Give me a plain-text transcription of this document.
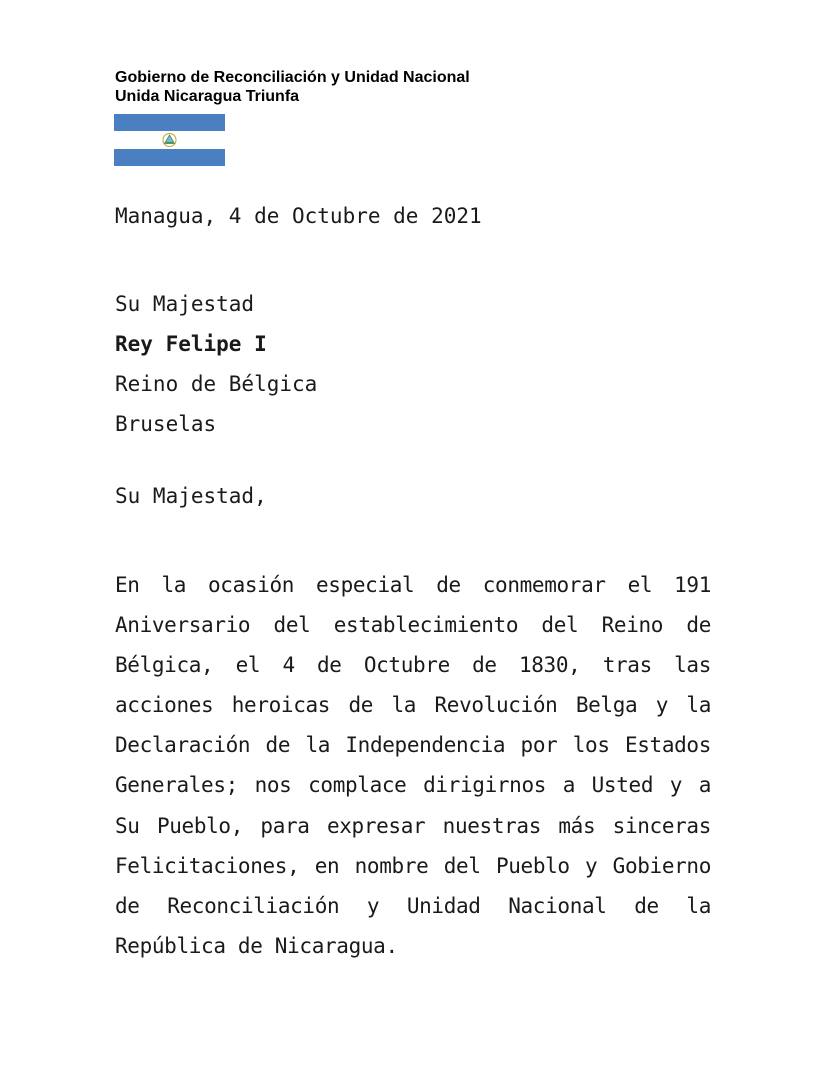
Gobierno de Reconciliación y Unidad Nacional
Unida Nicaragua Triunfa
Managua, 4 de Octubre de 2021
Su Majestad
Rey Felipe I
Reino de Bélgica
Bruselas
Su Majestad,
En la ocasión especial de conmemorar el 191 Aniversario del establecimiento del Reino de Bélgica, el 4 de Octubre de 1830, tras las acciones heroicas de la Revolución Belga y la Declaración de la Independencia por los Estados Generales; nos complace dirigirnos a Usted y a Su Pueblo, para expresar nuestras más sinceras Felicitaciones, en nombre del Pueblo y Gobierno de Reconciliación y Unidad Nacional de la República de Nicaragua.
